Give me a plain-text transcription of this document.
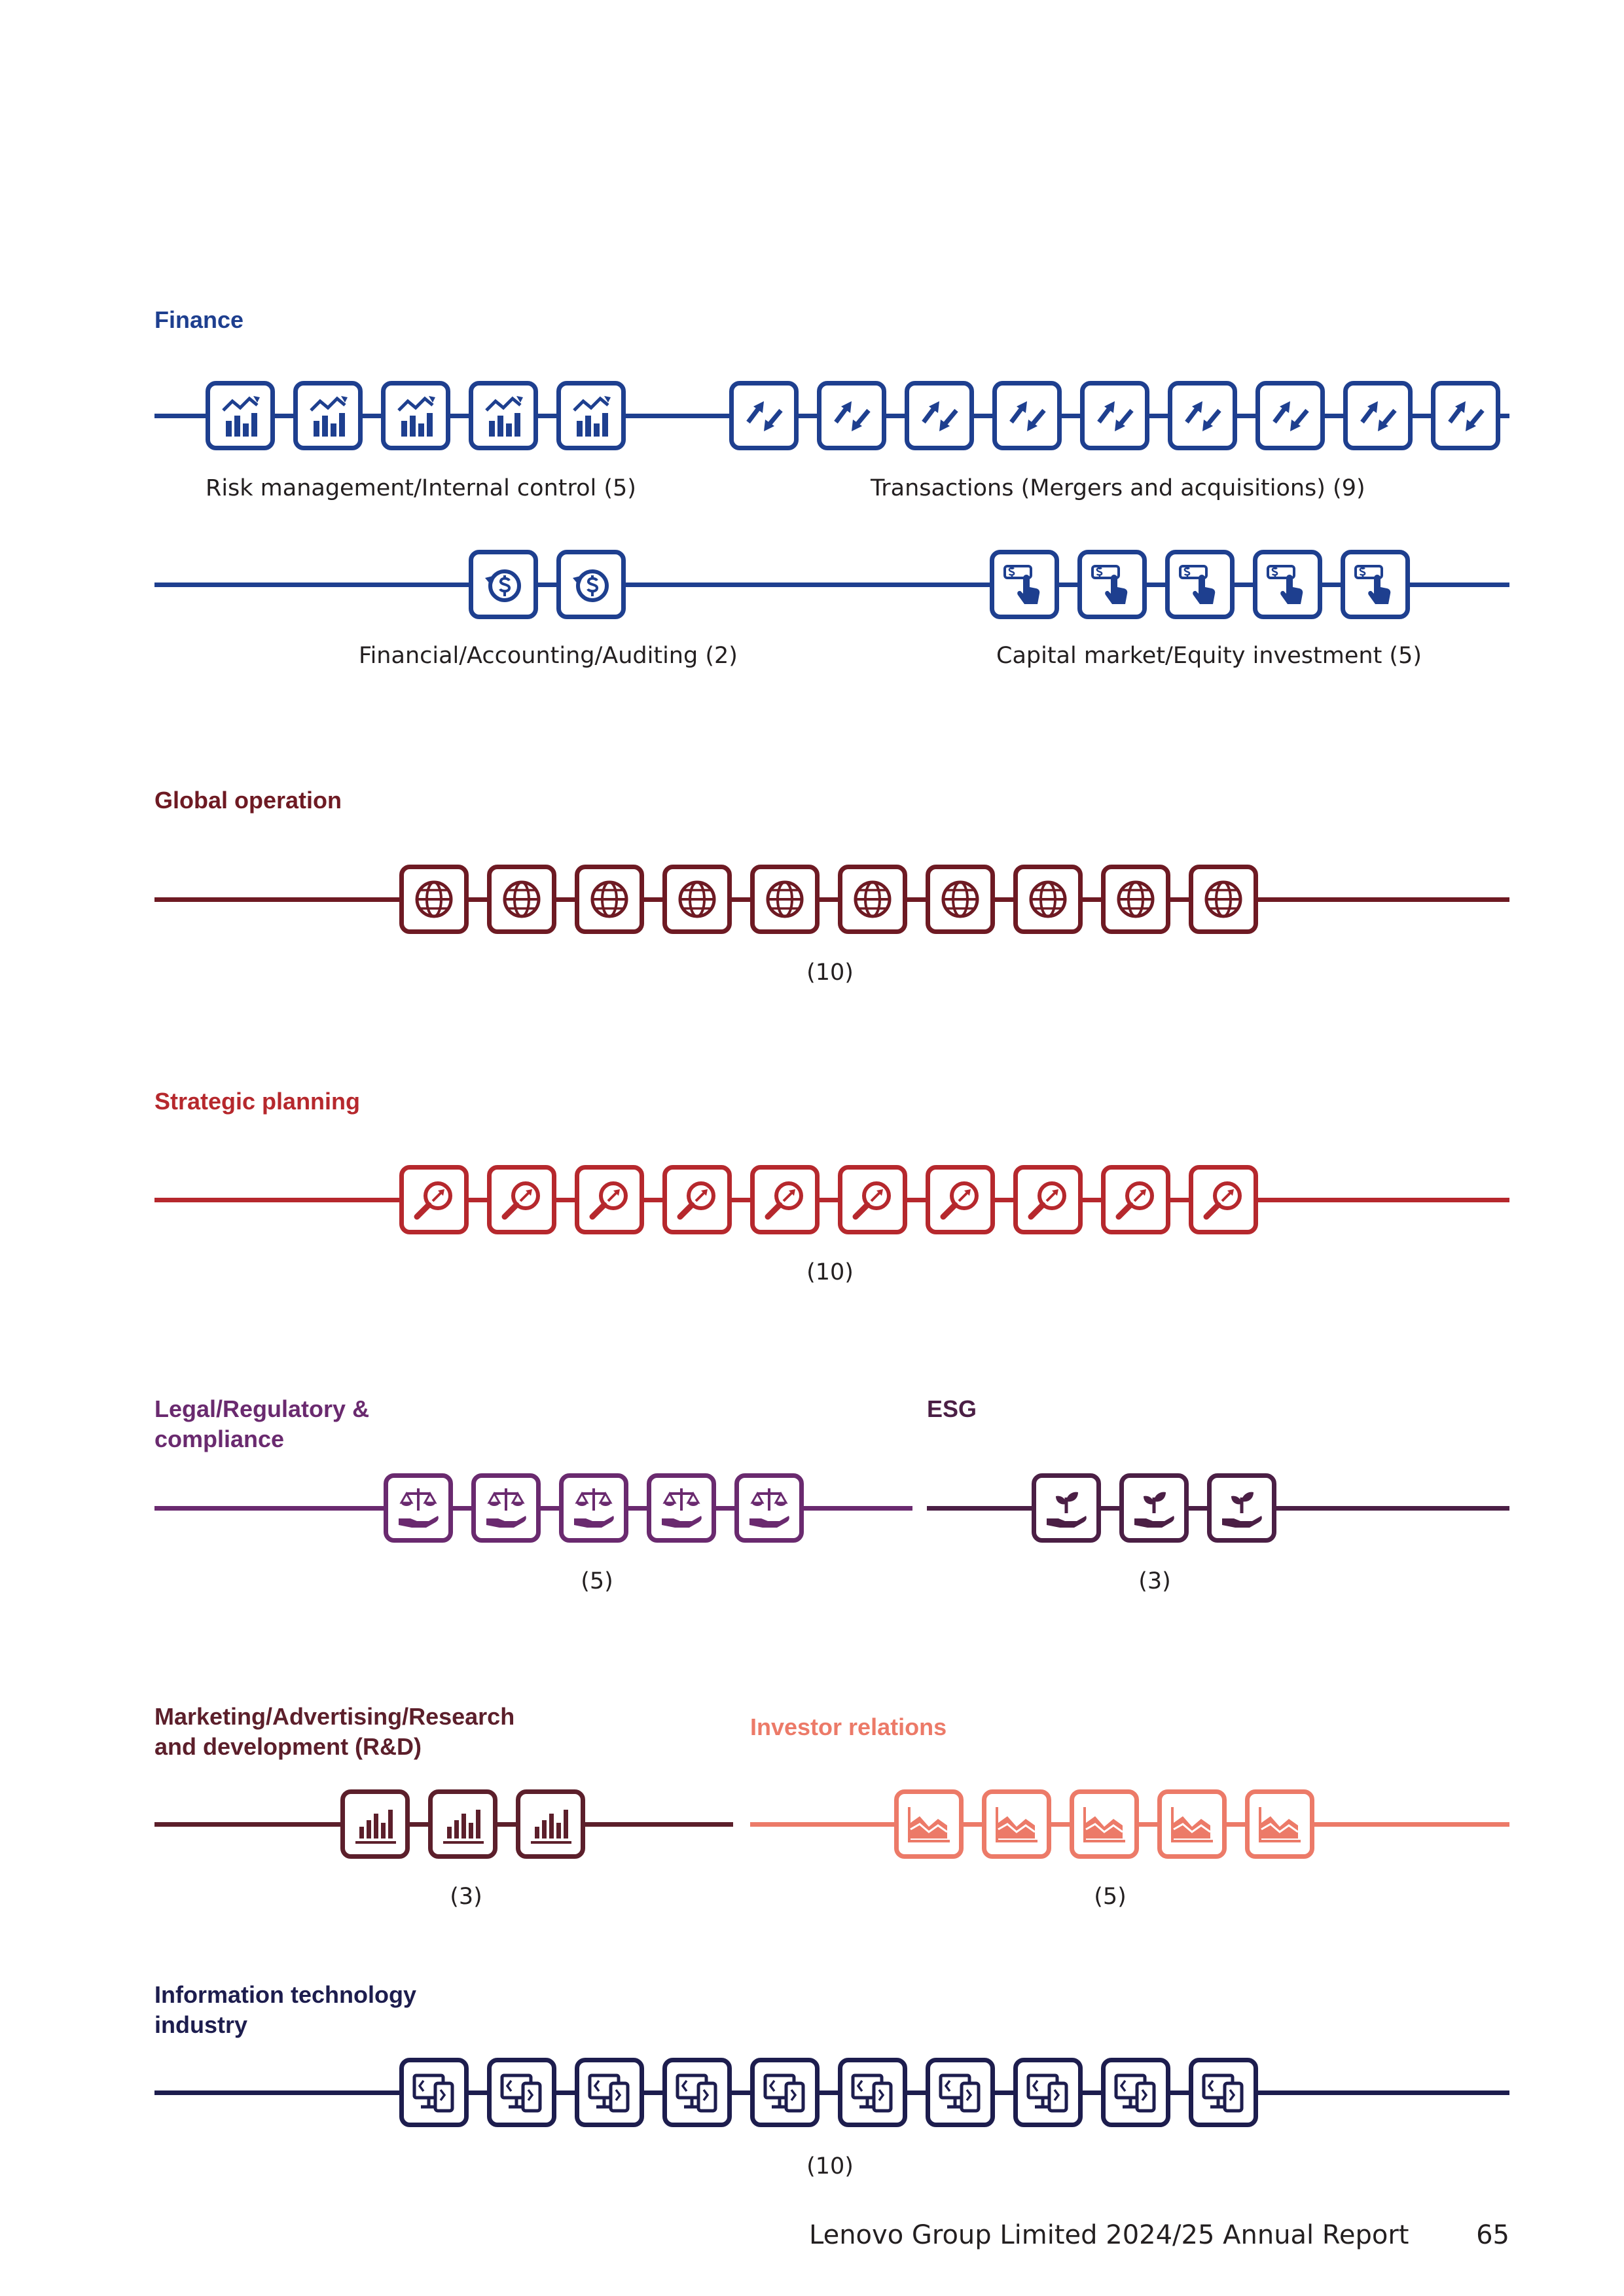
Finance
Global operation
Strategic planning
Legal/Regulatory &
compliance
ESG
Marketing/Advertising/Research
and development (R&D)
Investor relations
Information technology
industry
Risk management/Internal control (5)	Transactions (Mergers and acquisitions) (9)
Financial/Accounting/Auditing (2)	Capital market/Equity investment (5)
(10)
(10)
(5)	(3)
(3)	(5)
(10)
Lenovo Group Limited 2024/25 Annual Report	65
